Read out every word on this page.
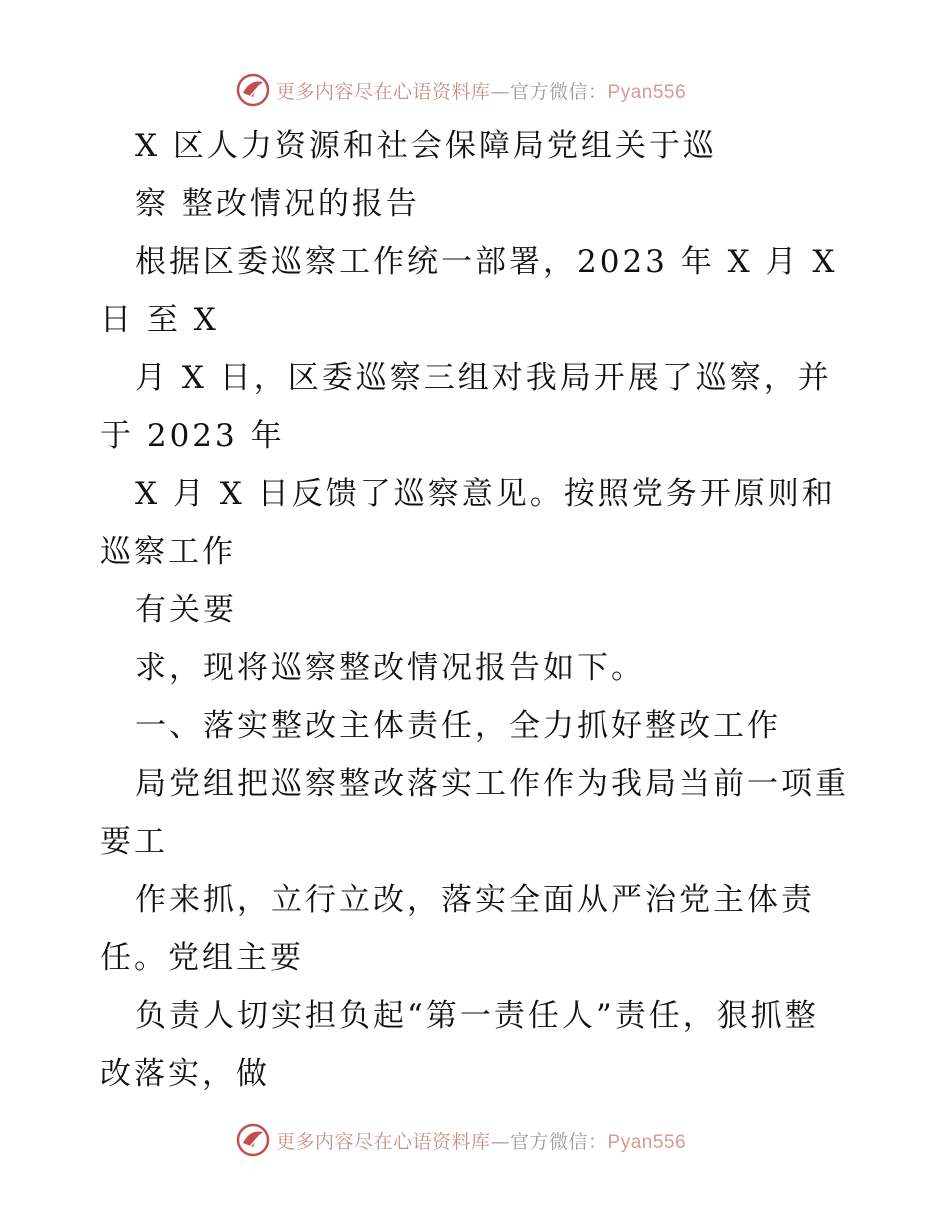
更多内容尽在心语资料库—官方微信：Pyan556
X 区人力资源和社会保障局党组关于巡
察 整改情况的报告
根据区委巡察工作统一部署，2023 年 X 月 X
日 至 X
月 X 日，区委巡察三组对我局开展了巡察，并
于 2023 年
X 月 X 日反馈了巡察意见。按照党务开原则和
巡察工作
有关要
求，现将巡察整改情况报告如下。
一、落实整改主体责任，全力抓好整改工作
局党组把巡察整改落实工作作为我局当前一项重
要工
作来抓，立行立改，落实全面从严治党主体责
任。党组主要
负责人切实担负起“第一责任人”责任，狠抓整
改落实，做
更多内容尽在心语资料库—官方微信：Pyan556
